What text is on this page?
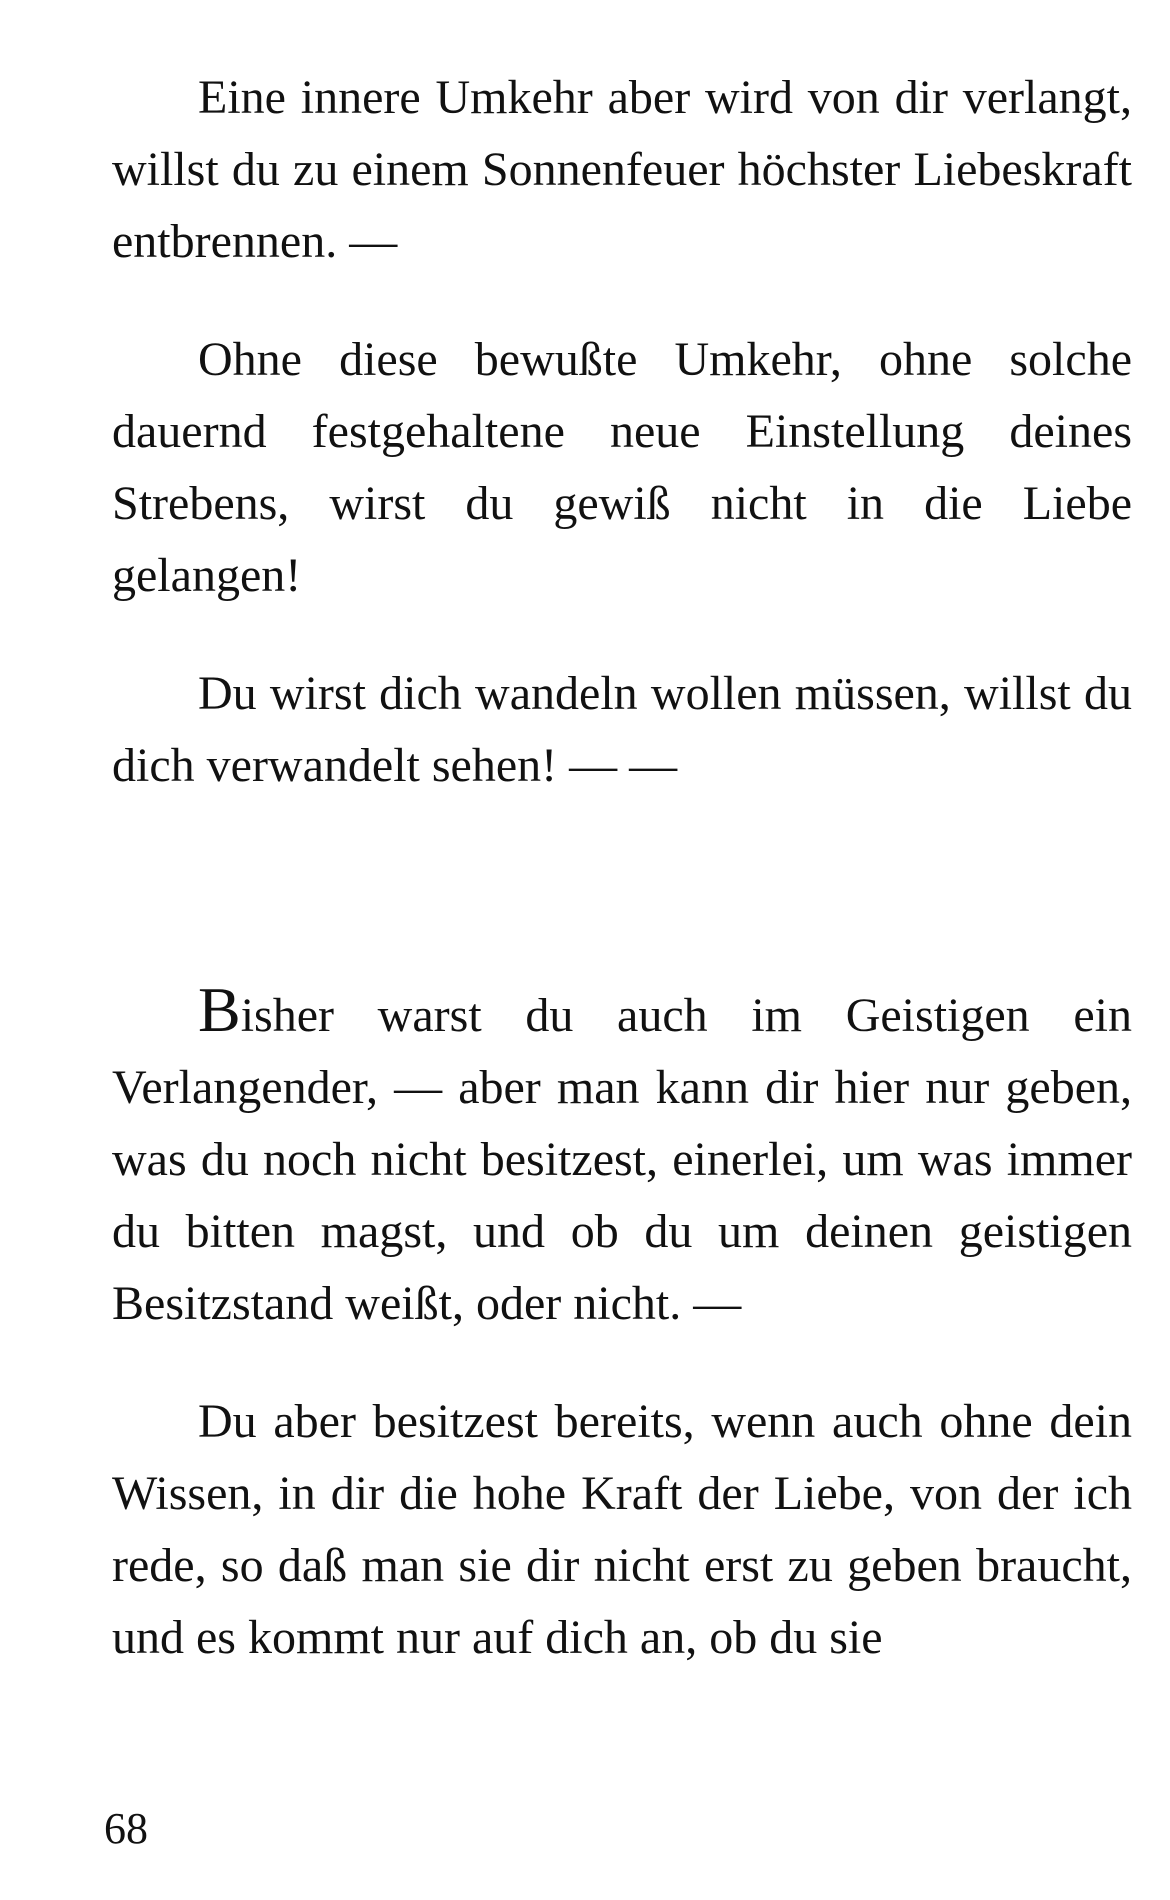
Eine innere Umkehr aber wird von dir verlangt, willst du zu einem Sonnenfeuer höchster Liebeskraft entbrennen. —

Ohne diese bewußte Umkehr, ohne solche dauernd festgehaltene neue Einstellung deines Strebens, wirst du gewiß nicht in die Liebe gelangen!

Du wirst dich wandeln wollen müssen, willst du dich verwandelt sehen! — —

Bisher warst du auch im Geistigen ein Verlangender, — aber man kann dir hier nur geben, was du noch nicht besitzest, einerlei, um was immer du bitten magst, und ob du um deinen geistigen Besitzstand weißt, oder nicht. —

Du aber besitzest bereits, wenn auch ohne dein Wissen, in dir die hohe Kraft der Liebe, von der ich rede, so daß man sie dir nicht erst zu geben braucht, und es kommt nur auf dich an, ob du sie

68
